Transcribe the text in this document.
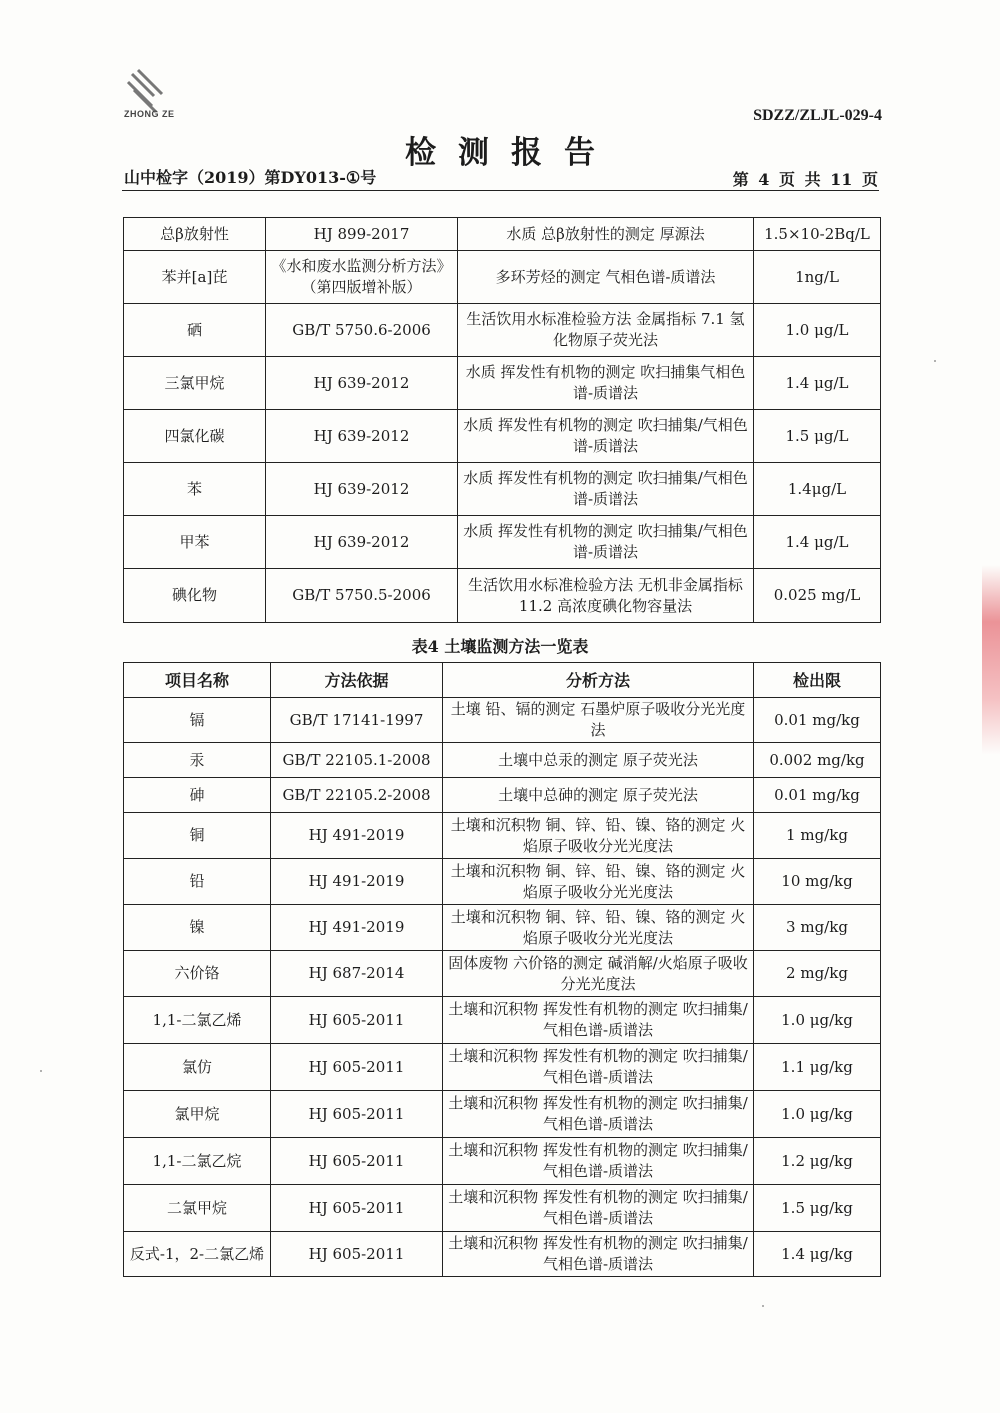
ZHONG ZE	SDZZ/ZLJL-029-4
检测报告
山中检字（2019）第DY013-①号	第 4 页 共 11 页
总β放射性	HJ 899-2017	水质 总β放射性的测定 厚源法	1.5×10-2Bq/L
苯并[a]芘	《水和废水监测分析方法》（第四版增补版）	多环芳烃的测定 气相色谱-质谱法	1ng/L
硒	GB/T 5750.6-2006	生活饮用水标准检验方法 金属指标 7.1 氢化物原子荧光法	1.0 μg/L
三氯甲烷	HJ 639-2012	水质 挥发性有机物的测定 吹扫捕集气相色谱-质谱法	1.4 μg/L
四氯化碳	HJ 639-2012	水质 挥发性有机物的测定 吹扫捕集/气相色谱-质谱法	1.5 μg/L
苯	HJ 639-2012	水质 挥发性有机物的测定 吹扫捕集/气相色谱-质谱法	1.4μg/L
甲苯	HJ 639-2012	水质 挥发性有机物的测定 吹扫捕集/气相色谱-质谱法	1.4 μg/L
碘化物	GB/T 5750.5-2006	生活饮用水标准检验方法 无机非金属指标 11.2 高浓度碘化物容量法	0.025 mg/L
表4 土壤监测方法一览表
项目名称	方法依据	分析方法	检出限
镉	GB/T 17141-1997	土壤 铅、镉的测定 石墨炉原子吸收分光光度法	0.01 mg/kg
汞	GB/T 22105.1-2008	土壤中总汞的测定 原子荧光法	0.002 mg/kg
砷	GB/T 22105.2-2008	土壤中总砷的测定 原子荧光法	0.01 mg/kg
铜	HJ 491-2019	土壤和沉积物 铜、锌、铅、镍、铬的测定 火焰原子吸收分光光度法	1 mg/kg
铅	HJ 491-2019	土壤和沉积物 铜、锌、铅、镍、铬的测定 火焰原子吸收分光光度法	10 mg/kg
镍	HJ 491-2019	土壤和沉积物 铜、锌、铅、镍、铬的测定 火焰原子吸收分光光度法	3 mg/kg
六价铬	HJ 687-2014	固体废物 六价铬的测定 碱消解/火焰原子吸收分光光度法	2 mg/kg
1,1-二氯乙烯	HJ 605-2011	土壤和沉积物 挥发性有机物的测定 吹扫捕集/气相色谱-质谱法	1.0 μg/kg
氯仿	HJ 605-2011	土壤和沉积物 挥发性有机物的测定 吹扫捕集/气相色谱-质谱法	1.1 μg/kg
氯甲烷	HJ 605-2011	土壤和沉积物 挥发性有机物的测定 吹扫捕集/气相色谱-质谱法	1.0 μg/kg
1,1-二氯乙烷	HJ 605-2011	土壤和沉积物 挥发性有机物的测定 吹扫捕集/气相色谱-质谱法	1.2 μg/kg
二氯甲烷	HJ 605-2011	土壤和沉积物 挥发性有机物的测定 吹扫捕集/气相色谱-质谱法	1.5 μg/kg
反式-1，2-二氯乙烯	HJ 605-2011	土壤和沉积物 挥发性有机物的测定 吹扫捕集/气相色谱-质谱法	1.4 μg/kg
